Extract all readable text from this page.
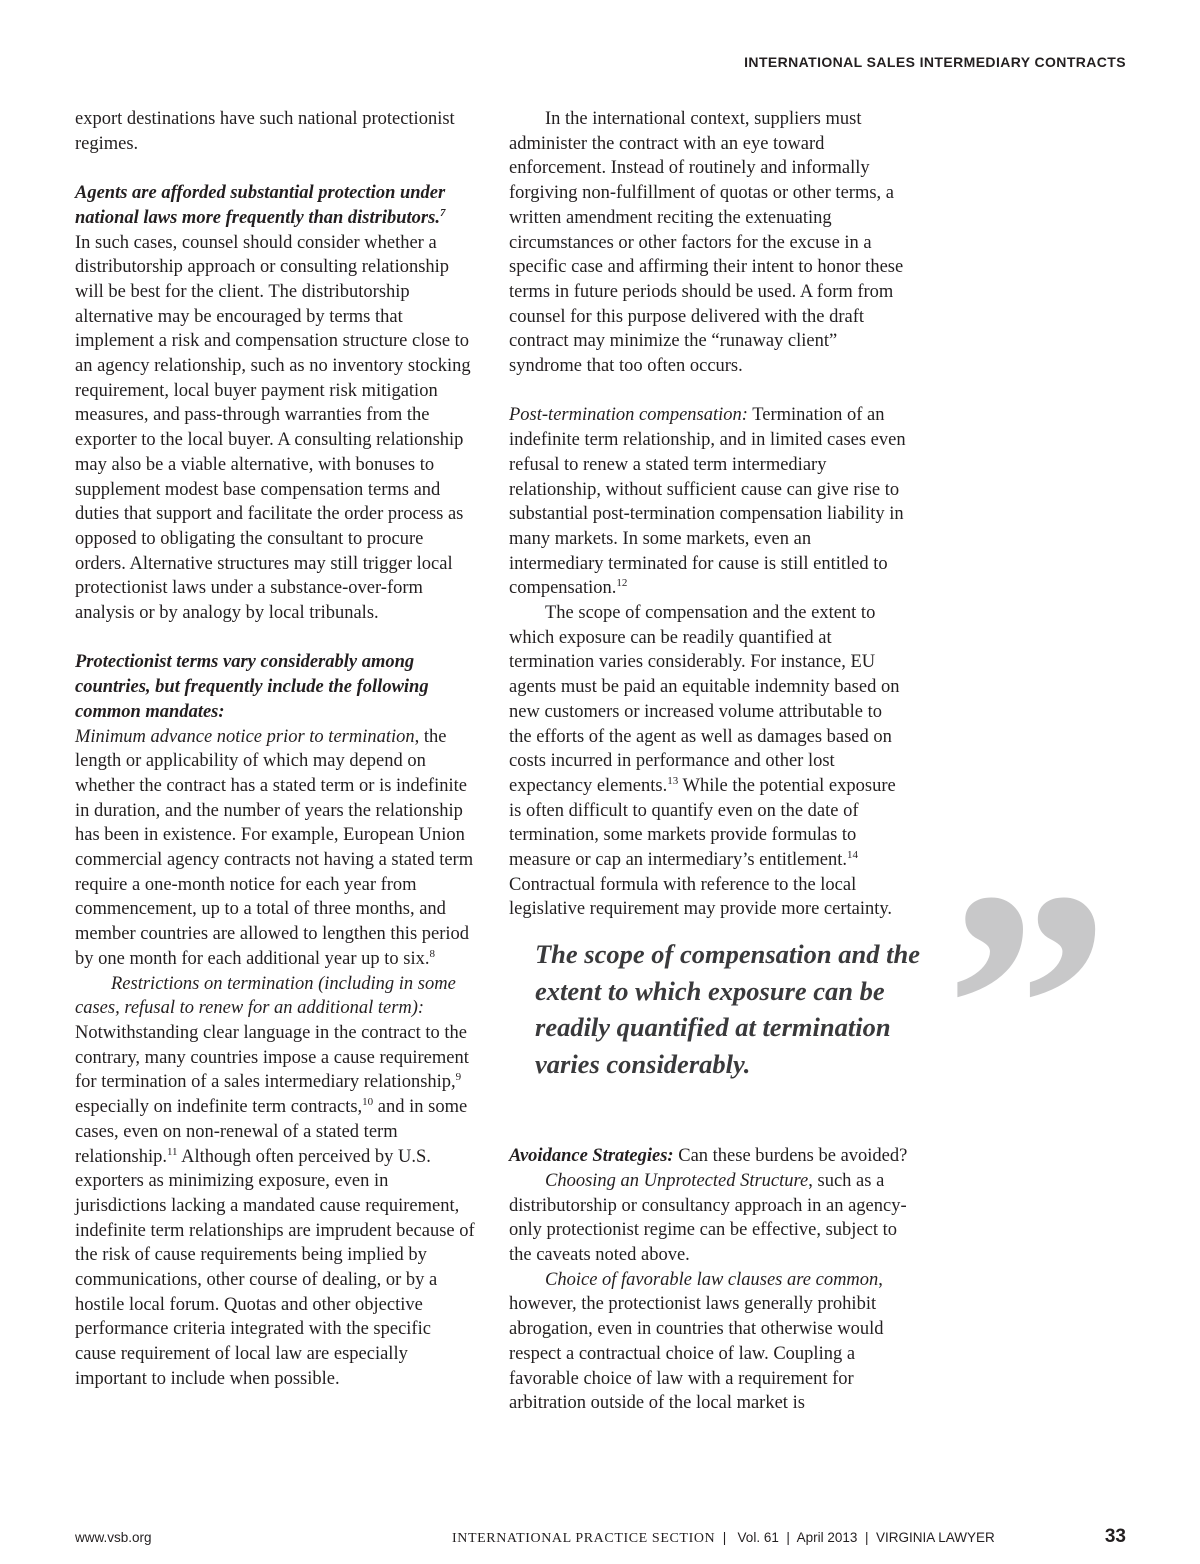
INTERNATIONAL SALES INTERMEDIARY CONTRACTS

export destinations have such national protectionist regimes.

Agents are afforded substantial protection under national laws more frequently than distributors.$^7$

In such cases, counsel should consider whether a distributorship approach or consulting relationship will be best for the client. The distributorship alternative may be encouraged by terms that implement a risk and compensation structure close to an agency relationship, such as no inventory stocking requirement, local buyer payment risk mitigation measures, and pass-through warranties from the exporter to the local buyer. A consulting relationship may also be a viable alternative, with bonuses to supplement modest base compensation terms and duties that support and facilitate the order process as opposed to obligating the consultant to procure orders. Alternative structures may still trigger local protectionist laws under a substance-over-form analysis or by analogy by local tribunals.

Protectionist terms vary considerably among countries, but frequently include the following common mandates:

Minimum advance notice prior to termination, the length or applicability of which may depend on whether the contract has a stated term or is indefinite in duration, and the number of years the relationship has been in existence. For example, European Union commercial agency contracts not having a stated term require a one-month notice for each year from commencement, up to a total of three months, and member countries are allowed to lengthen this period by one month for each additional year up to six.$^8$

Restrictions on termination (including in some cases, refusal to renew for an additional term): Notwithstanding clear language in the contract to the contrary, many countries impose a cause requirement for termination of a sales intermediary relationship,$^9$ especially on indefinite term contracts,$^{10}$ and in some cases, even on non-renewal of a stated term relationship.$^{11}$ Although often perceived by U.S. exporters as minimizing exposure, even in jurisdictions lacking a mandated cause requirement, indefinite term relationships are imprudent because of the risk of cause requirements being implied by communications, other course of dealing, or by a hostile local forum. Quotas and other objective performance criteria integrated with the specific cause requirement of local law are especially important to include when possible.

In the international context, suppliers must administer the contract with an eye toward enforcement. Instead of routinely and informally forgiving non-fulfillment of quotas or other terms, a written amendment reciting the extenuating circumstances or other factors for the excuse in a specific case and affirming their intent to honor these terms in future periods should be used. A form from counsel for this purpose delivered with the draft contract may minimize the “runaway client” syndrome that too often occurs.

Post-termination compensation: Termination of an indefinite term relationship, and in limited cases even refusal to renew a stated term intermediary relationship, without sufficient cause can give rise to substantial post-termination compensation liability in many markets. In some markets, even an intermediary terminated for cause is still entitled to compensation.$^{12}$

The scope of compensation and the extent to which exposure can be readily quantified at termination varies considerably. For instance, EU agents must be paid an equitable indemnity based on new customers or increased volume attributable to the efforts of the agent as well as damages based on costs incurred in performance and other lost expectancy elements.$^{13}$ While the potential exposure is often difficult to quantify even on the date of termination, some markets provide formulas to measure or cap an intermediary’s entitlement.$^{14}$ Contractual formula with reference to the local legislative requirement may provide more certainty.

The scope of compensation and the extent to which exposure can be readily quantified at termination varies considerably.

Avoidance Strategies: Can these burdens be avoided?

Choosing an Unprotected Structure, such as a distributorship or consultancy approach in an agency-only protectionist regime can be effective, subject to the caveats noted above.

Choice of favorable law clauses are common, however, the protectionist laws generally prohibit abrogation, even in countries that otherwise would respect a contractual choice of law. Coupling a favorable choice of law with a requirement for arbitration outside of the local market is

”
www.vsb.org	INTERNATIONAL PRACTICE SECTION | Vol. 61 | April 2013 | VIRGINIA LAWYER	33
